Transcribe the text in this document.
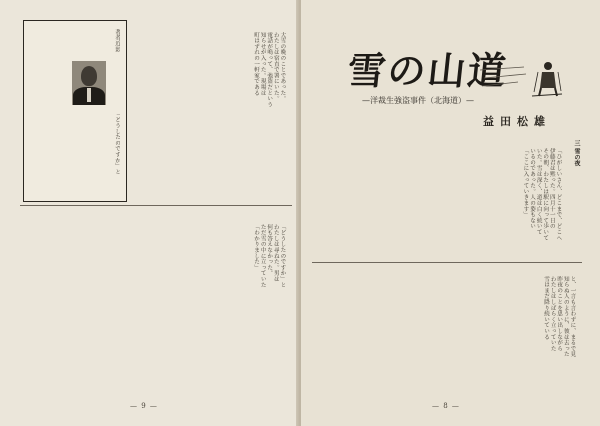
著者近影
「どうしたのですか」と

大雪の晩のことであった。
わたしは宿直で署にいた。
電話が鳴って、強盗だという
知らせが入った。現場は
町はずれの一軒家である

「どうしたのですか」と
わたしは尋ねた。男は
何も答えなかった。
ただ雪の中に立っていた
「わかりました」

— 9 —
雪の山道
—洋裁生強盗事件（北海道）—
益田松雄
三 雪の夜

「ひがしいさん、どこまで、どこへ
伊藤君は黙った。四月十一日の
その朝、わたしは駅に向って歩いて
いた。雪は深く、道は白く続いて
いるのであった。人の姿もない
「ここに入っていきます」

と、一言も言わずに、まるで見
知らぬ人のように、彼は去った
昨夜のことを思い出しながら
わたしはしばらく立っていた
雪はまだ降り続いている

— 8 —
